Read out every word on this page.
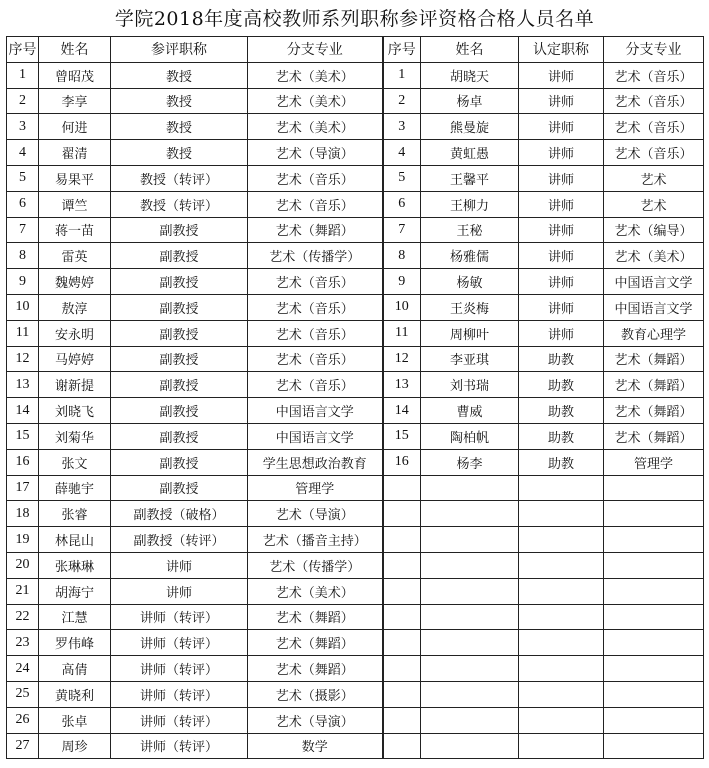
学院2018年度高校教师系列职称参评资格合格人员名单
序号	姓名	参评职称	分支专业	序号	姓名	认定职称	分支专业
1	曾昭茂	教授	艺术（美术）	1	胡晓天	讲师	艺术（音乐）
2	李享	教授	艺术（美术）	2	杨卓	讲师	艺术（音乐）
3	何进	教授	艺术（美术）	3	熊曼旋	讲师	艺术（音乐）
4	翟清	教授	艺术（导演）	4	黄虹愚	讲师	艺术（音乐）
5	易果平	教授（转评）	艺术（音乐）	5	王馨平	讲师	艺术
6	谭竺	教授（转评）	艺术（音乐）	6	王柳力	讲师	艺术
7	蒋一苗	副教授	艺术（舞蹈）	7	王秘	讲师	艺术（编导）
8	雷英	副教授	艺术（传播学）	8	杨雅儒	讲师	艺术（美术）
9	魏娉婷	副教授	艺术（音乐）	9	杨敏	讲师	中国语言文学
10	敖淳	副教授	艺术（音乐）	10	王炎梅	讲师	中国语言文学
11	安永明	副教授	艺术（音乐）	11	周柳叶	讲师	教育心理学
12	马婷婷	副教授	艺术（音乐）	12	李亚琪	助教	艺术（舞蹈）
13	谢新提	副教授	艺术（音乐）	13	刘书瑞	助教	艺术（舞蹈）
14	刘晓飞	副教授	中国语言文学	14	曹威	助教	艺术（舞蹈）
15	刘菊华	副教授	中国语言文学	15	陶柏帆	助教	艺术（舞蹈）
16	张文	副教授	学生思想政治教育	16	杨李	助教	管理学
17	薛驰宇	副教授	管理学				
18	张睿	副教授（破格）	艺术（导演）				
19	林昆山	副教授（转评）	艺术（播音主持）				
20	张琳琳	讲师	艺术（传播学）				
21	胡海宁	讲师	艺术（美术）				
22	江慧	讲师（转评）	艺术（舞蹈）				
23	罗伟峰	讲师（转评）	艺术（舞蹈）				
24	高倩	讲师（转评）	艺术（舞蹈）				
25	黄晓利	讲师（转评）	艺术（摄影）				
26	张卓	讲师（转评）	艺术（导演）				
27	周珍	讲师（转评）	数学				
